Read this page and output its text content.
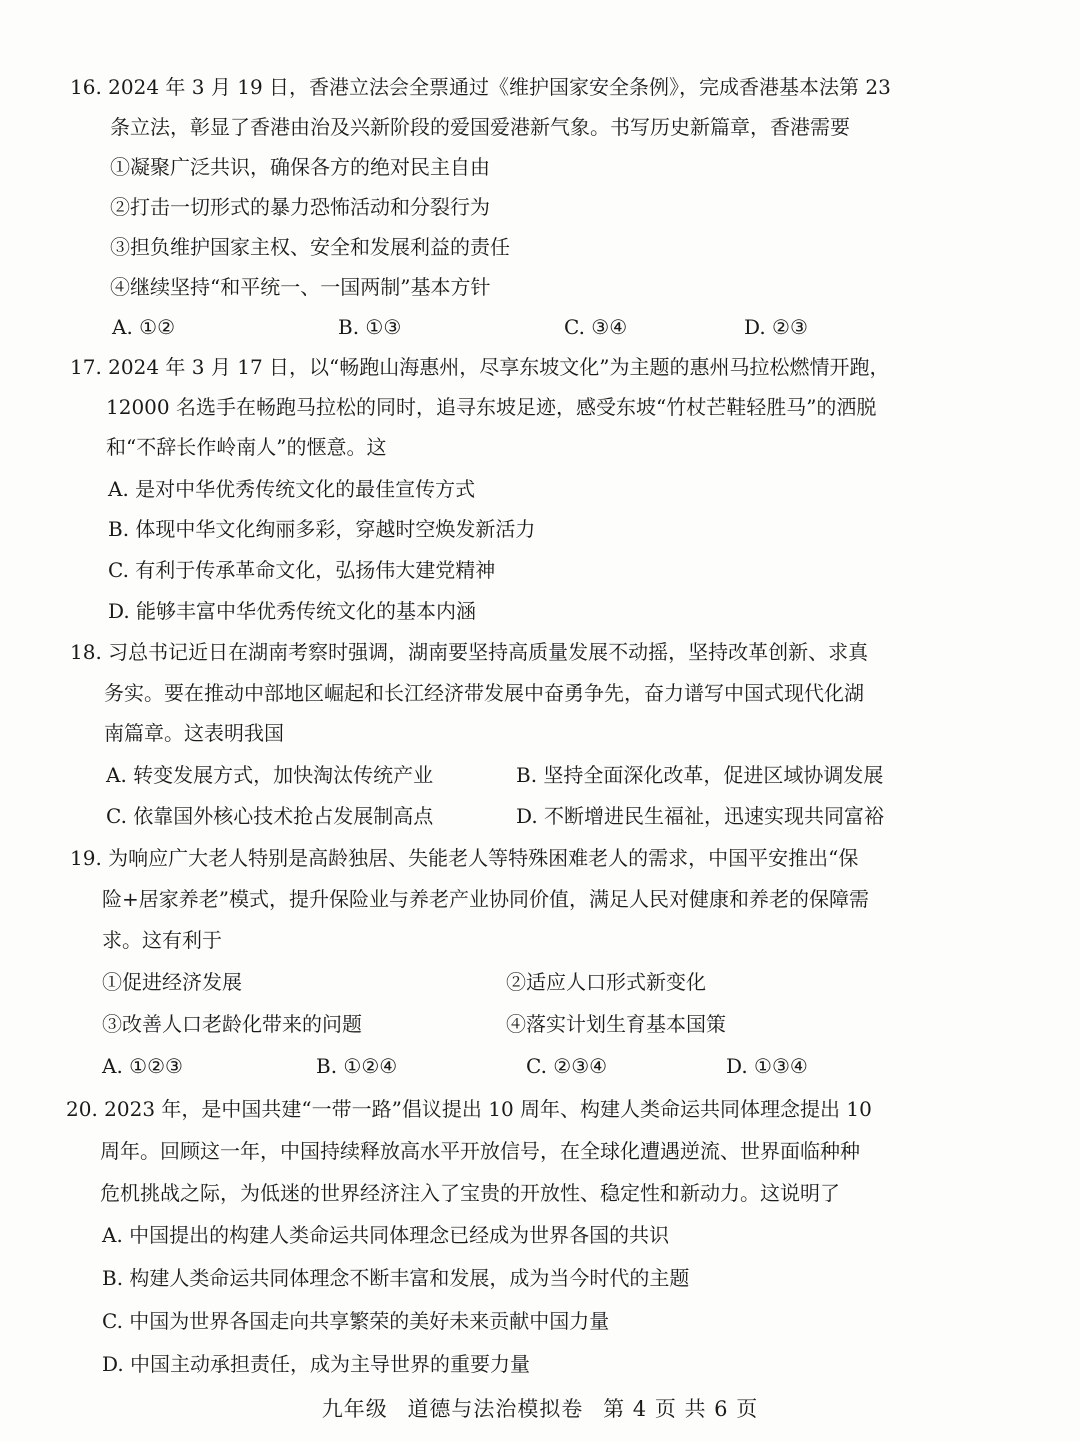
16. 2024 年 3 月 19 日，香港立法会全票通过《维护国家安全条例》，完成香港基本法第 23
条立法，彰显了香港由治及兴新阶段的爱国爱港新气象。书写历史新篇章，香港需要
①凝聚广泛共识，确保各方的绝对民主自由
②打击一切形式的暴力恐怖活动和分裂行为
③担负维护国家主权、安全和发展利益的责任
④继续坚持“和平统一、一国两制”基本方针
A. ①②	B. ①③	C. ③④	D. ②③
17. 2024 年 3 月 17 日，以“畅跑山海惠州，尽享东坡文化”为主题的惠州马拉松燃情开跑，
12000 名选手在畅跑马拉松的同时，追寻东坡足迹，感受东坡“竹杖芒鞋轻胜马”的洒脱
和“不辞长作岭南人”的惬意。这
A. 是对中华优秀传统文化的最佳宣传方式
B. 体现中华文化绚丽多彩，穿越时空焕发新活力
C. 有利于传承革命文化，弘扬伟大建党精神
D. 能够丰富中华优秀传统文化的基本内涵
18. 习总书记近日在湖南考察时强调，湖南要坚持高质量发展不动摇，坚持改革创新、求真
务实。要在推动中部地区崛起和长江经济带发展中奋勇争先，奋力谱写中国式现代化湖
南篇章。这表明我国
A. 转变发展方式，加快淘汰传统产业	B. 坚持全面深化改革，促进区域协调发展
C. 依靠国外核心技术抢占发展制高点	D. 不断增进民生福祉，迅速实现共同富裕
19. 为响应广大老人特别是高龄独居、失能老人等特殊困难老人的需求，中国平安推出“保
险+居家养老”模式，提升保险业与养老产业协同价值，满足人民对健康和养老的保障需
求。这有利于
①促进经济发展	②适应人口形式新变化
③改善人口老龄化带来的问题	④落实计划生育基本国策
A. ①②③	B. ①②④	C. ②③④	D. ①③④
20. 2023 年，是中国共建“一带一路”倡议提出 10 周年、构建人类命运共同体理念提出 10
周年。回顾这一年，中国持续释放高水平开放信号，在全球化遭遇逆流、世界面临种种
危机挑战之际，为低迷的世界经济注入了宝贵的开放性、稳定性和新动力。这说明了
A. 中国提出的构建人类命运共同体理念已经成为世界各国的共识
B. 构建人类命运共同体理念不断丰富和发展，成为当今时代的主题
C. 中国为世界各国走向共享繁荣的美好未来贡献中国力量
D. 中国主动承担责任，成为主导世界的重要力量
九年级 道德与法治模拟卷 第 4 页 共 6 页
